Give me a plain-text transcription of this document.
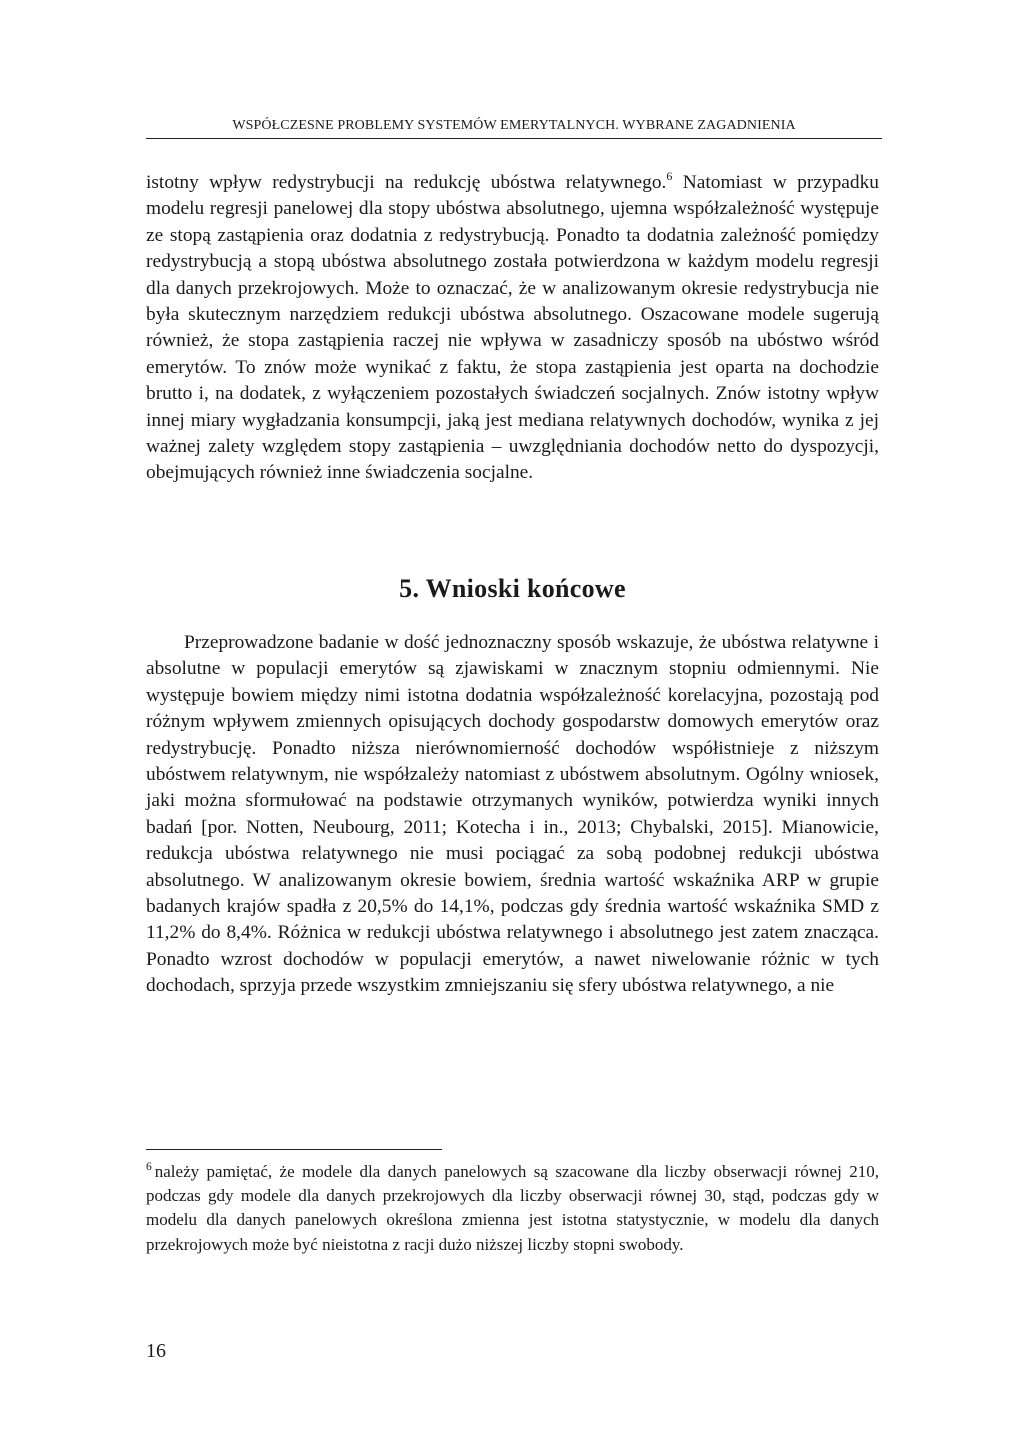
WSPÓŁCZESNE PROBLEMY SYSTEMÓW EMERYTALNYCH. WYBRANE ZAGADNIENIA

istotny wpływ redystrybucji na redukcję ubóstwa relatywnego.$^6$ Natomiast w przypadku modelu regresji panelowej dla stopy ubóstwa absolutnego, ujemna współzależność występuje ze stopą zastąpienia oraz dodatnia z redystrybucją. Ponadto ta dodatnia zależność pomiędzy redystrybucją a stopą ubóstwa absolutnego została potwierdzona w każdym modelu regresji dla danych przekrojowych. Może to oznaczać, że w analizowanym okresie redystrybucja nie była skutecznym narzędziem redukcji ubóstwa absolutnego. Oszacowane modele sugerują również, że stopa zastąpienia raczej nie wpływa w zasadniczy sposób na ubóstwo wśród emerytów. To znów może wynikać z faktu, że stopa zastąpienia jest oparta na dochodzie brutto i, na dodatek, z wyłączeniem pozostałych świadczeń socjalnych. Znów istotny wpływ innej miary wygładzania konsumpcji, jaką jest mediana relatywnych dochodów, wynika z jej ważnej zalety względem stopy zastąpienia – uwzględniania dochodów netto do dyspozycji, obejmujących również inne świadczenia socjalne.

5. Wnioski końcowe

Przeprowadzone badanie w dość jednoznaczny sposób wskazuje, że ubóstwa relatywne i absolutne w populacji emerytów są zjawiskami w znacznym stopniu odmiennymi. Nie występuje bowiem między nimi istotna dodatnia współzależność korelacyjna, pozostają pod różnym wpływem zmiennych opisujących dochody gospodarstw domowych emerytów oraz redystrybucję. Ponadto niższa nierównomierność dochodów współistnieje z niższym ubóstwem relatywnym, nie współzależy natomiast z ubóstwem absolutnym. Ogólny wniosek, jaki można sformułować na podstawie otrzymanych wyników, potwierdza wyniki innych badań [por. Notten, Neubourg, 2011; Kotecha i in., 2013; Chybalski, 2015]. Mianowicie, redukcja ubóstwa relatywnego nie musi pociągać za sobą podobnej redukcji ubóstwa absolutnego. W analizowanym okresie bowiem, średnia wartość wskaźnika ARP w grupie badanych krajów spadła z 20,5% do 14,1%, podczas gdy średnia wartość wskaźnika SMD z 11,2% do 8,4%. Różnica w redukcji ubóstwa relatywnego i absolutnego jest zatem znacząca. Ponadto wzrost dochodów w populacji emerytów, a nawet niwelowanie różnic w tych dochodach, sprzyja przede wszystkim zmniejszaniu się sfery ubóstwa relatywnego, a nie

$^6$ należy pamiętać, że modele dla danych panelowych są szacowane dla liczby obserwacji równej 210, podczas gdy modele dla danych przekrojowych dla liczby obserwacji równej 30, stąd, podczas gdy w modelu dla danych panelowych określona zmienna jest istotna statystycznie, w modelu dla danych przekrojowych może być nieistotna z racji dużo niższej liczby stopni swobody.

16
